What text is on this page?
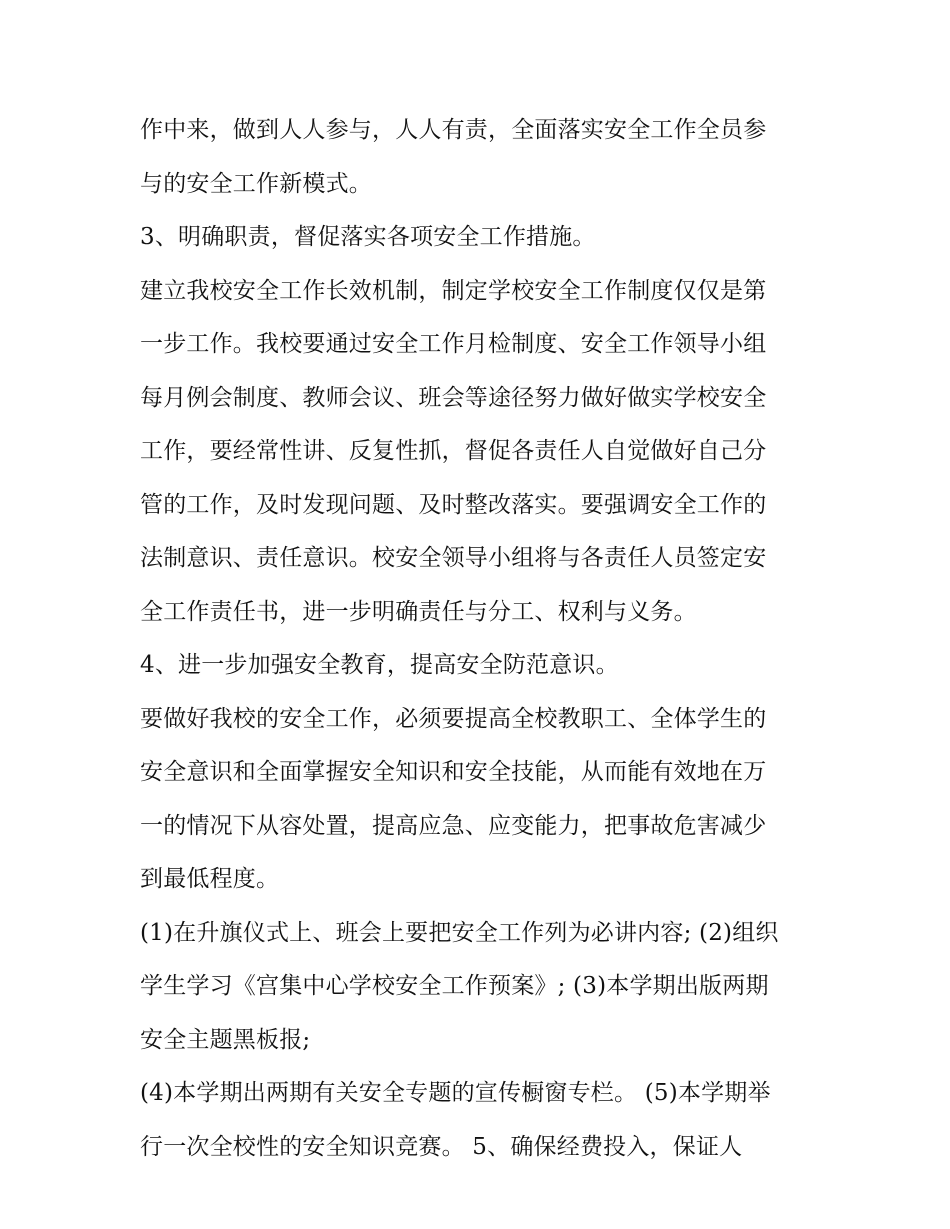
作中来，做到人人参与，人人有责，全面落实安全工作全员参
与的安全工作新模式。
3、明确职责，督促落实各项安全工作措施。
建立我校安全工作长效机制，制定学校安全工作制度仅仅是第
一步工作。我校要通过安全工作月检制度、安全工作领导小组
每月例会制度、教师会议、班会等途径努力做好做实学校安全
工作，要经常性讲、反复性抓，督促各责任人自觉做好自己分
管的工作，及时发现问题、及时整改落实。要强调安全工作的
法制意识、责任意识。校安全领导小组将与各责任人员签定安
全工作责任书，进一步明确责任与分工、权利与义务。
4、进一步加强安全教育，提高安全防范意识。
要做好我校的安全工作，必须要提高全校教职工、全体学生的
安全意识和全面掌握安全知识和安全技能，从而能有效地在万
一的情况下从容处置，提高应急、应变能力，把事故危害减少
到最低程度。
(1)在升旗仪式上、班会上要把安全工作列为必讲内容; (2)组织
学生学习《宫集中心学校安全工作预案》; (3)本学期出版两期
安全主题黑板报;
(4)本学期出两期有关安全专题的宣传橱窗专栏。 (5)本学期举
行一次全校性的安全知识竞赛。 5、确保经费投入，保证人
